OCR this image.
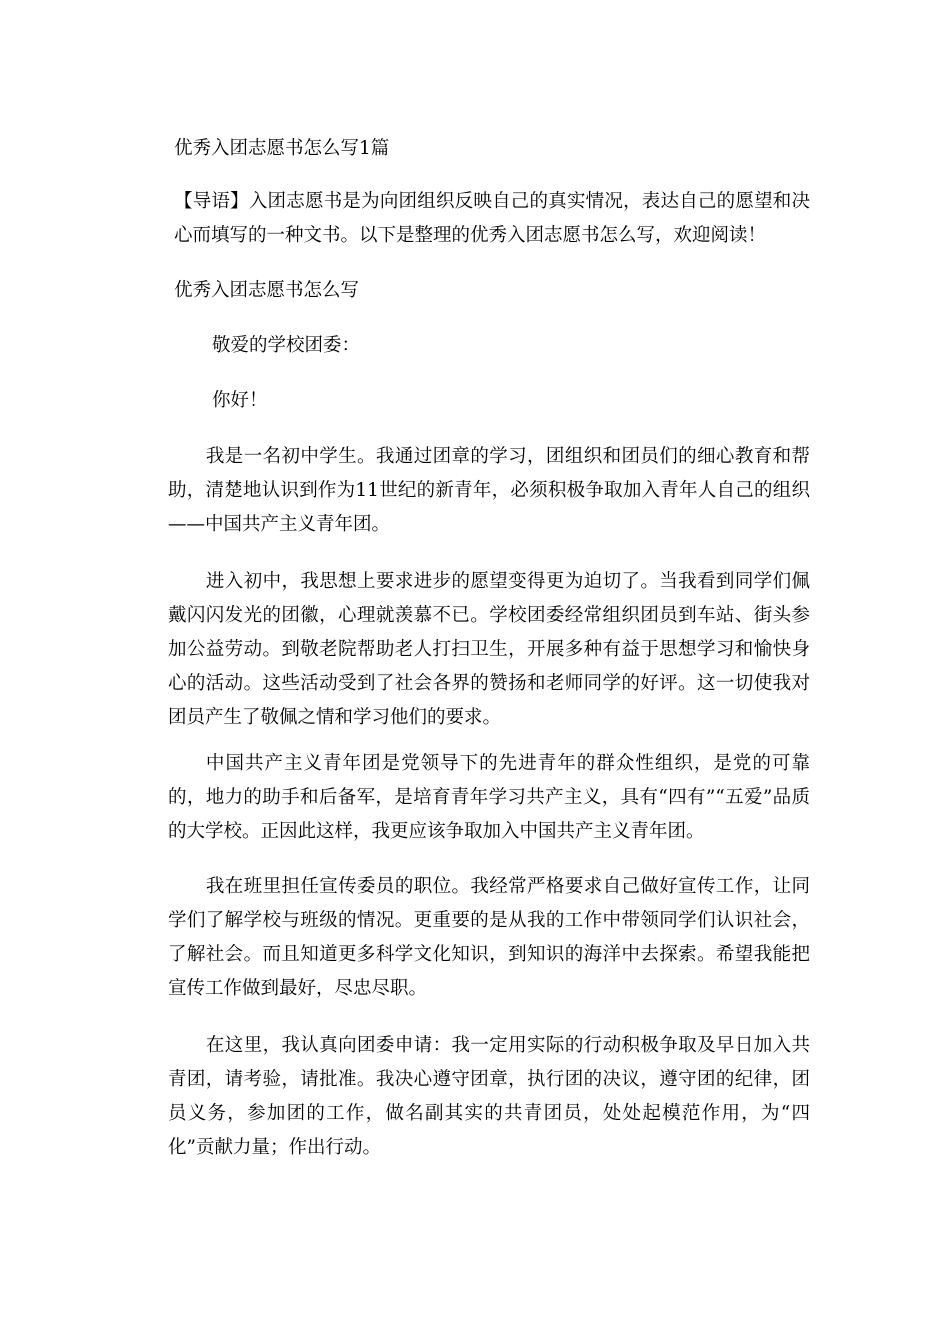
优秀入团志愿书怎么写1篇
【导语】入团志愿书是为向团组织反映自己的真实情况，表达自己的愿望和决心而填写的一种文书。以下是整理的优秀入团志愿书怎么写，欢迎阅读！
优秀入团志愿书怎么写
敬爱的学校团委：
你好！
我是一名初中学生。我通过团章的学习，团组织和团员们的细心教育和帮助，清楚地认识到作为11世纪的新青年，必须积极争取加入青年人自己的组织——中国共产主义青年团。
进入初中，我思想上要求进步的愿望变得更为迫切了。当我看到同学们佩戴闪闪发光的团徽，心理就羡慕不已。学校团委经常组织团员到车站、街头参加公益劳动。到敬老院帮助老人打扫卫生，开展多种有益于思想学习和愉快身心的活动。这些活动受到了社会各界的赞扬和老师同学的好评。这一切使我对团员产生了敬佩之情和学习他们的要求。
中国共产主义青年团是党领导下的先进青年的群众性组织，是党的可靠的，地力的助手和后备军，是培育青年学习共产主义，具有“四有”“五爱”品质的大学校。正因此这样，我更应该争取加入中国共产主义青年团。
我在班里担任宣传委员的职位。我经常严格要求自己做好宣传工作，让同学们了解学校与班级的情况。更重要的是从我的工作中带领同学们认识社会，了解社会。而且知道更多科学文化知识，到知识的海洋中去探索。希望我能把宣传工作做到最好，尽忠尽职。
在这里，我认真向团委申请：我一定用实际的行动积极争取及早日加入共青团，请考验，请批准。我决心遵守团章，执行团的决议，遵守团的纪律，团员义务，参加团的工作，做名副其实的共青团员，处处起模范作用，为“四化”贡献力量；作出行动。
